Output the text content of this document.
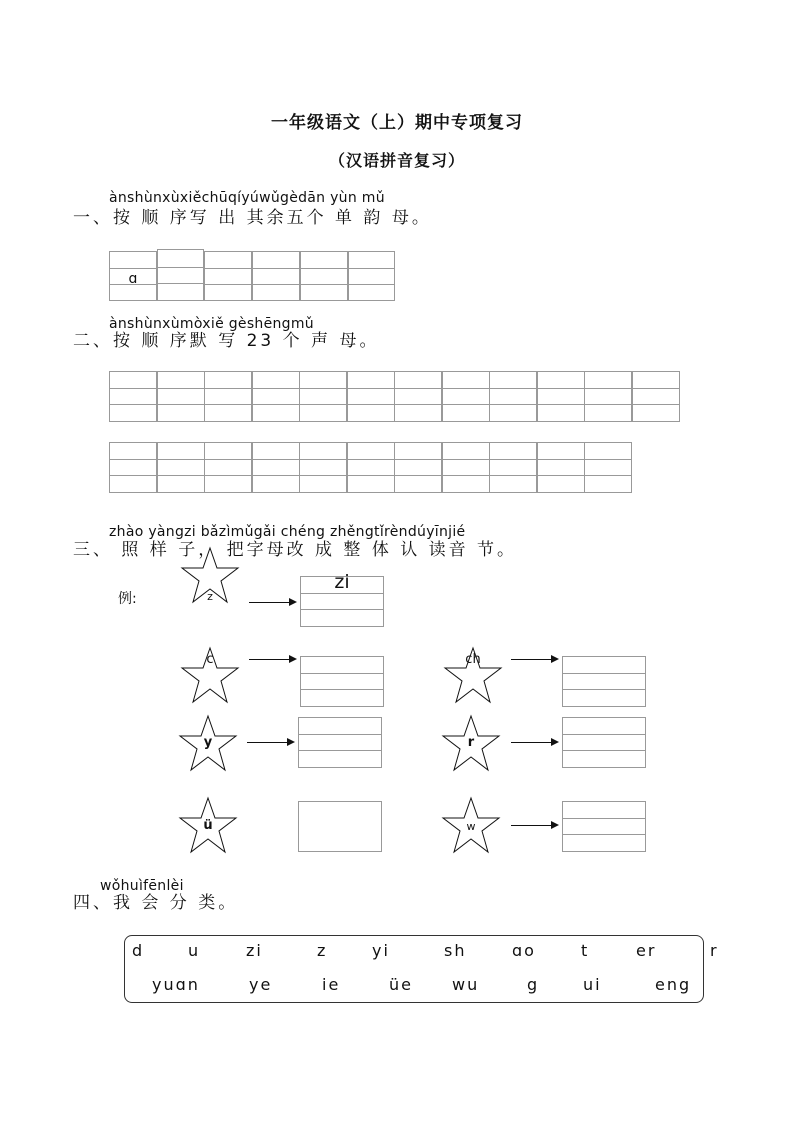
一年级语文（上）期中专项复习
（汉语拼音复习）
ànshùnxùxiěchūqíyúwǔgèdān yùn mǔ
一、按 顺 序写 出 其余五个 单 韵 母。
ɑ
ànshùnxùmòxiě gèshēngmǔ
二、按 顺 序默 写 23 个 声 母。
zhào yàngzi bǎzìmǔgǎi chéng zhěngtǐrèndúyīnjié
三、 照 样 子， 把字母改 成 整 体 认 读音 节。
例:	z
zi
c	ch
y	r
ü	w
wǒhuìfēnlèi
四、我 会 分 类。
d	u	zi	z	yi	sh	ɑo	t	er	r
yuɑn	ye	ie	üe wu	g	ui	eng
